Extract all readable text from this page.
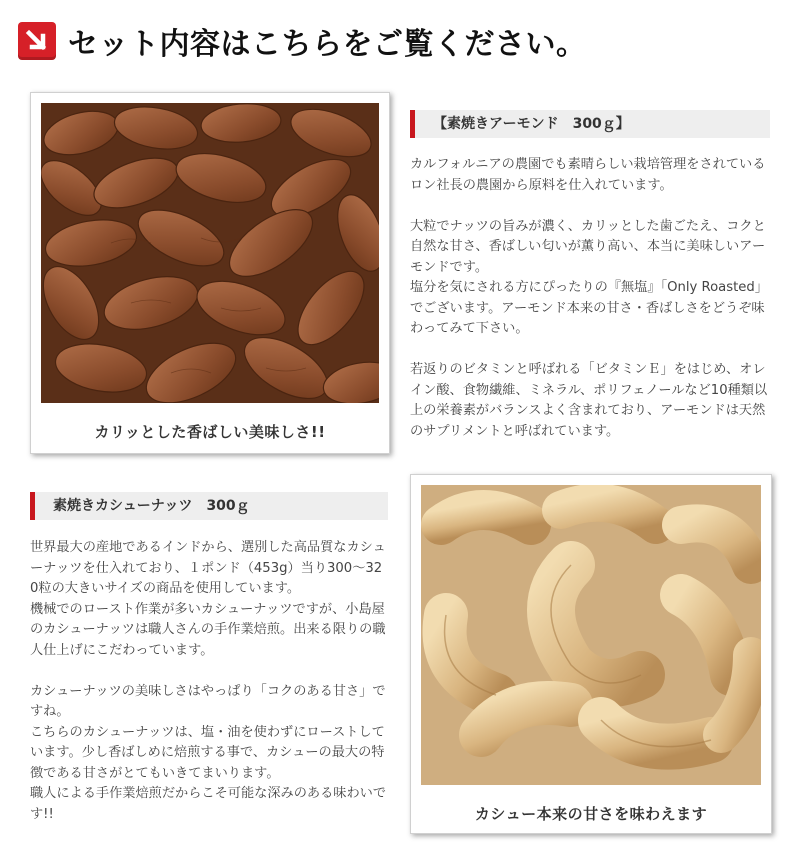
セット内容はこちらをご覧ください。
カリッとした香ばしい美味しさ!!
【素焼きアーモンド　300ｇ】
カルフォルニアの農園でも素晴らしい栽培管理をされているロン社長の農園から原料を仕入れています。

大粒でナッツの旨みが濃く、カリッとした歯ごたえ、コクと自然な甘さ、香ばしい匂いが薫り高い、本当に美味しいアーモンドです。
塩分を気にされる方にぴったりの『無塩』「Only Roasted」でございます。アーモンド本来の甘さ・香ばしさをどうぞ味わってみて下さい。

若返りのビタミンと呼ばれる「ビタミンＥ」をはじめ、オレイン酸、食物繊維、ミネラル、ポリフェノールなど10種類以上の栄養素がバランスよく含まれており、アーモンドは天然のサプリメントと呼ばれています。
素焼きカシューナッツ　300ｇ
世界最大の産地であるインドから、選別した高品質なカシューナッツを仕入れており、１ポンド（453g）当り300～320粒の大きいサイズの商品を使用しています。
機械でのロースト作業が多いカシューナッツですが、小島屋のカシューナッツは職人さんの手作業焙煎。出来る限りの職人仕上げにこだわっています。

カシューナッツの美味しさはやっぱり「コクのある甘さ」ですね。
こちらのカシューナッツは、塩・油を使わずにローストしています。少し香ばしめに焙煎する事で、カシューの最大の特徴である甘さがとてもいきてまいります。
職人による手作業焙煎だからこそ可能な深みのある味わいです!!	カシュー本来の甘さを味わえます
